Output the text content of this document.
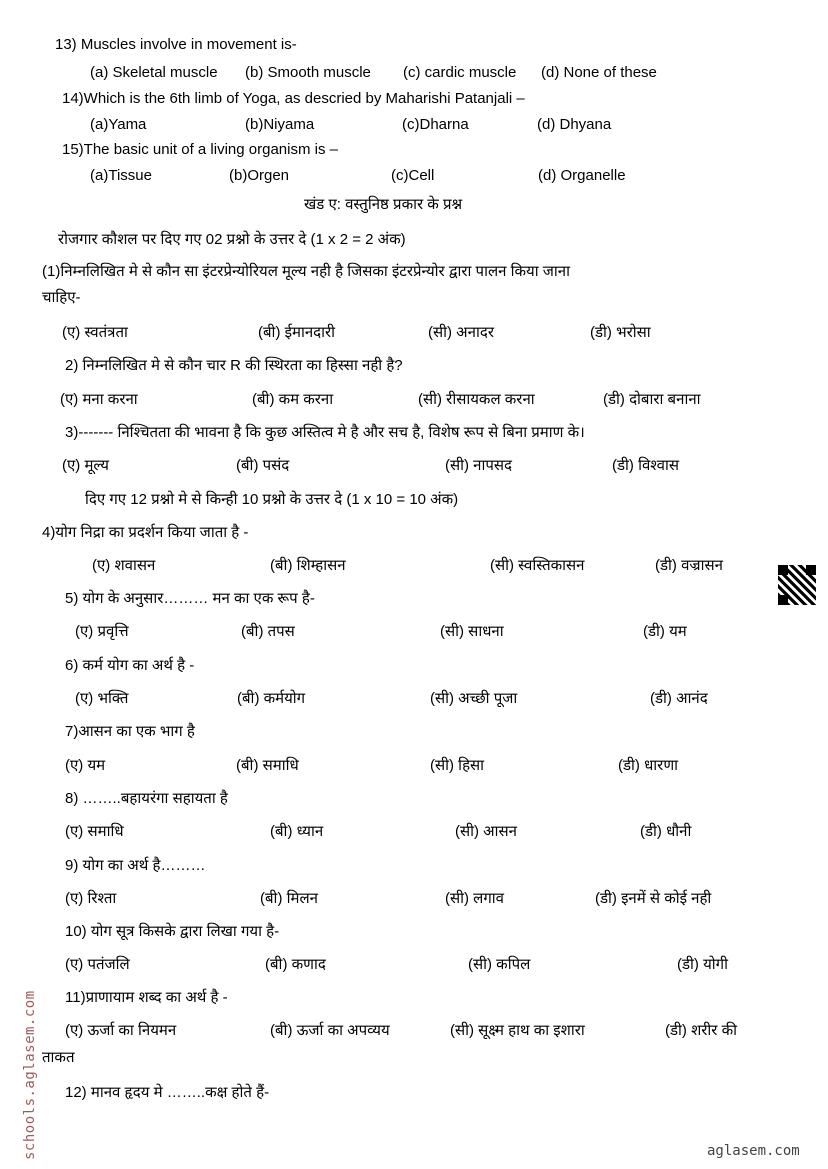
खंड ए: वस्तुनिष्ठ प्रकार के प्रश्न
रोजगार कौशल पर दिए गए 02 प्रश्नो के उत्तर दे (1 x 2 = 2 अंक)
दिए गए 12 प्रश्नो मे से किन्ही 10 प्रश्नो के उत्तर दे (1 x 10 = 10 अंक)
13) Muscles involve in movement is-
(a) Skeletal muscle (b) Smooth muscle (c) cardic muscle (d) None of these
14)Which is the 6th limb of Yoga, as descried by Maharishi Patanjali –
(a)Yama	(b)Niyama	(c)Dharna	(d) Dhyana
15)The basic unit of a living organism is –
(a)Tissue	(b)Orgen	(c)Cell	(d) Organelle
(1)निम्नलिखित मे से कौन सा इंटरप्रेन्योरियल मूल्य नही है जिसका इंटरप्रेन्योर द्वारा पालन किया जाना
चाहिए-
(ए) स्वतंत्रता	(बी) ईमानदारी	(सी) अनादर	(डी) भरोसा
2) निम्नलिखित मे से कौन चार R की स्थिरता का हिस्सा नही है?
(ए) मना करना	(बी) कम करना	(सी) रीसायकल करना	(डी) दोबारा बनाना
3)------- निश्चितता की भावना है कि कुछ अस्तित्व मे है और सच है, विशेष रूप से बिना प्रमाण के।
(ए) मूल्य	(बी) पसंद	(सी) नापसद	(डी) विश्वास
4)योग निद्रा का प्रदर्शन किया जाता है -
(ए) शवासन	(बी) शिम्हासन	(सी) स्वस्तिकासन	(डी) वज्रासन
5) योग के अनुसार……… मन का एक रूप है-
(ए) प्रवृत्ति	(बी) तपस	(सी) साधना	(डी) यम
6) कर्म योग का अर्थ है -
(ए) भक्ति	(बी) कर्मयोग	(सी) अच्छी पूजा	(डी) आनंद
7)आसन का एक भाग है
(ए) यम	(बी) समाधि	(सी) हिसा	(डी) धारणा
8) ……..बहायरंगा सहायता है
(ए) समाधि	(बी) ध्यान	(सी) आसन	(डी) धौनी
9) योग का अर्थ है………
(ए) रिश्ता	(बी) मिलन	(सी) लगाव	(डी) इनमें से कोई नही
10) योग सूत्र किसके द्वारा लिखा गया है-
(ए) पतंजलि	(बी) कणाद	(सी) कपिल	(डी) योगी
11)प्राणायाम शब्द का अर्थ है -
(ए) ऊर्जा का नियमन	(बी) ऊर्जा का अपव्यय	(सी) सूक्ष्म हाथ का इशारा	(डी) शरीर की
ताकत
12) मानव हृदय मे ……..कक्ष होते हैं-
aglasem.com
schools.aglasem.com
